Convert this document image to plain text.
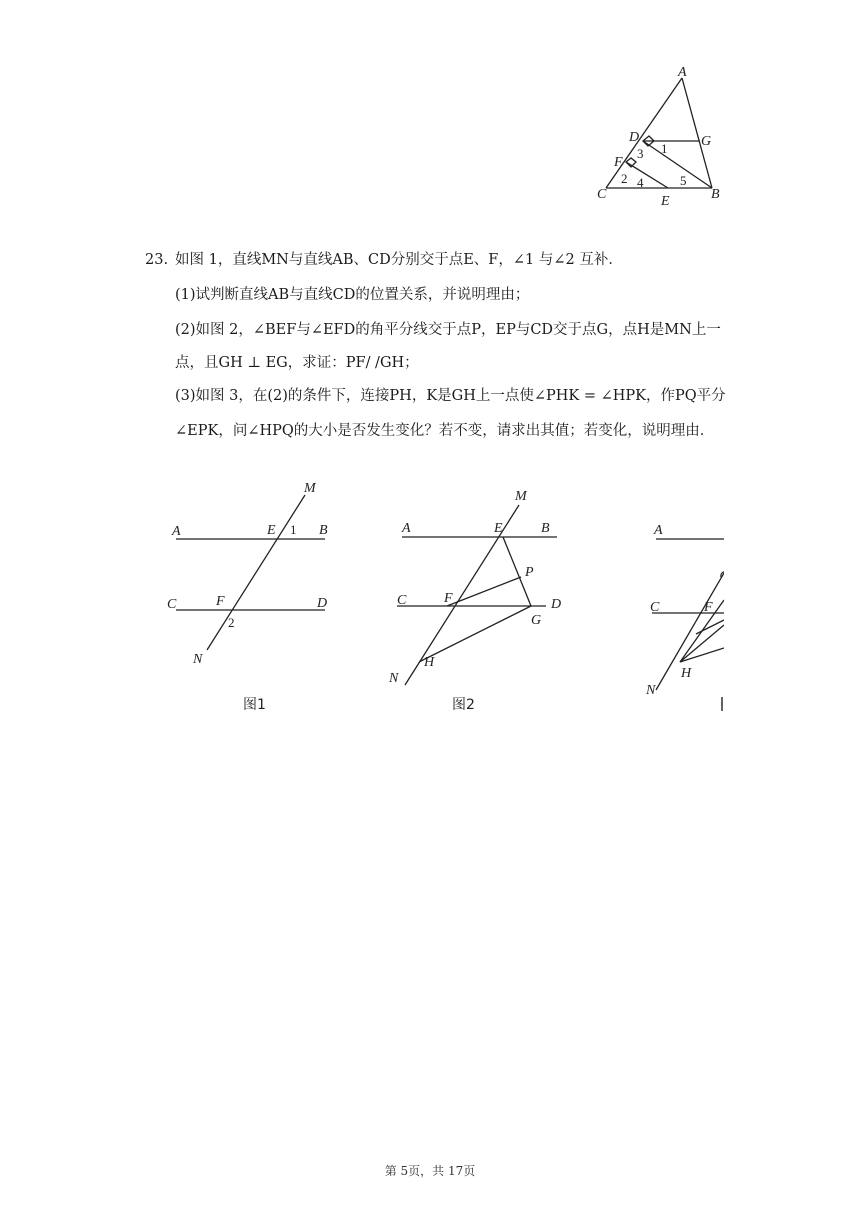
A
D	G
F
C	E	B
1
3
2 4	5
23. 如图 1，直线MN与直线AB、CD分别交于点E、F，∠1 与∠2 互补．
(1)试判断直线AB与直线CD的位置关系，并说明理由；
(2)如图 2，∠BEF与∠EFD的角平分线交于点P，EP与CD交于点G，点H是MN上一
点，且GH ⊥ EG，求证：PF/ /GH；
(3)如图 3，在(2)的条件下，连接PH，K是GH上一点使∠PHK = ∠HPK，作PQ平分
∠EPK，问∠HPQ的大小是否发生变化？若不变，请求出其值；若变化，说明理由．
M
A	E 1 B
C	F	D
2
N
图1
M
A	E	B
P
C	F	D
G
H
N
图2
A
C	F
H
N
第 5页，共 17页
